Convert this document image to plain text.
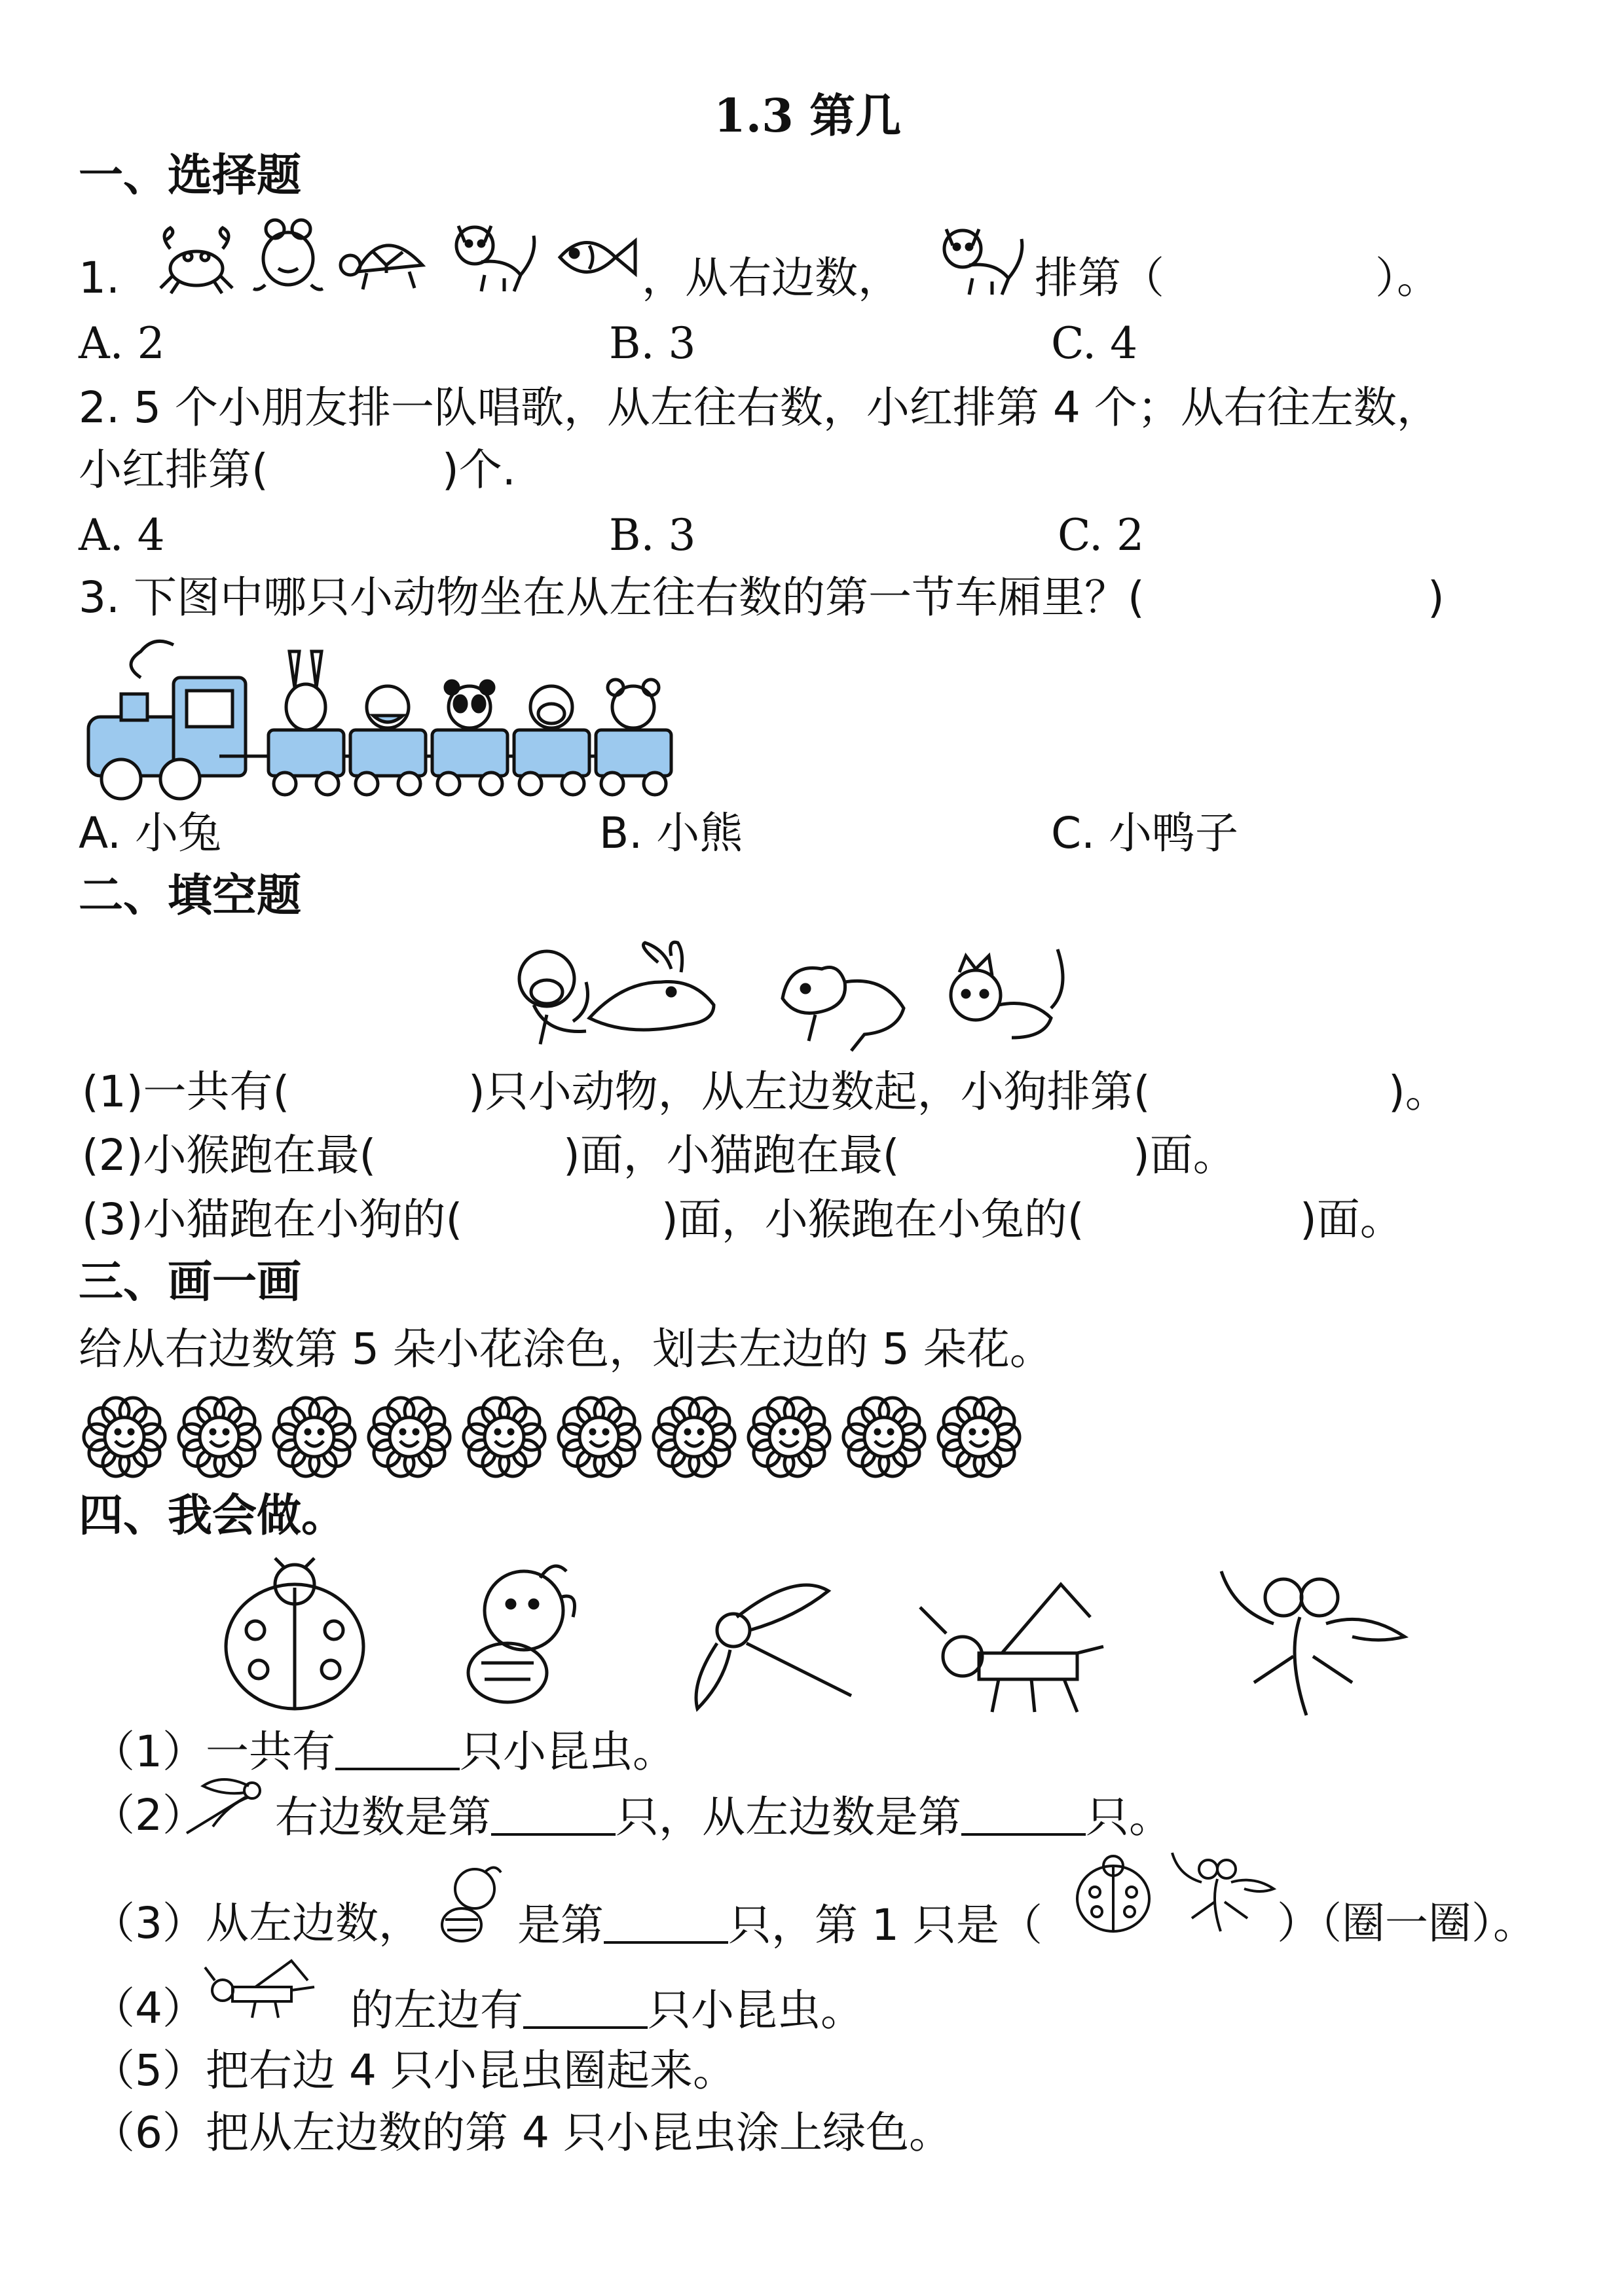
1.3 第几
一、选择题
1.	，从右边数，	排第（	）。
A. 2	B. 3	C. 4
2. 5 个小朋友排一队唱歌，从左往右数，小红排第 4 个；从右往左数，
小红排第(	)个.
A. 4	B. 3	C. 2
3. 下图中哪只小动物坐在从左往右数的第一节车厢里？(	)
A. 小兔	B. 小熊	C. 小鸭子
二、填空题
(1)一共有(	)只小动物，从左边数起，小狗排第(	)。
(2)小猴跑在最(	)面，小猫跑在最(	)面。
(3)小猫跑在小狗的(	)面，小猴跑在小兔的(	)面。
三、画一画
给从右边数第 5 朵小花涂色，划去左边的 5 朵花。
四、我会做。
（1）一共有	只小昆虫。
（2） 右边数是第	只，从左边数是第	只。
（3）从左边数， 是第	只，第 1 只是（	）（圈一圈）。
（4）	的左边有	只小昆虫。
（5）把右边 4 只小昆虫圈起来。
（6）把从左边数的第 4 只小昆虫涂上绿色。
